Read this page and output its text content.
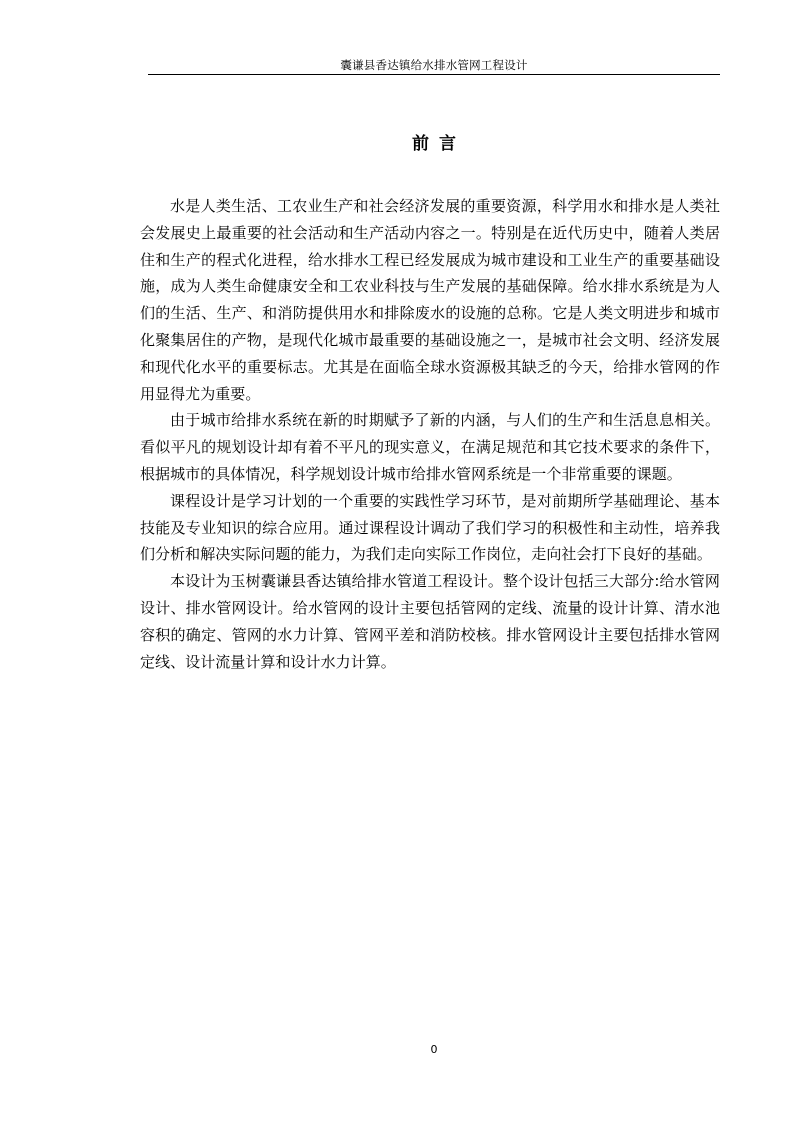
囊谦县香达镇给水排水管网工程设计
前言

水是人类生活、工农业生产和社会经济发展的重要资源，科学用水和排水是人类社会发展史上最重要的社会活动和生产活动内容之一。特别是在近代历史中，随着人类居住和生产的程式化进程，给水排水工程已经发展成为城市建设和工业生产的重要基础设施，成为人类生命健康安全和工农业科技与生产发展的基础保障。给水排水系统是为人们的生活、生产、和消防提供用水和排除废水的设施的总称。它是人类文明进步和城市化聚集居住的产物，是现代化城市最重要的基础设施之一，是城市社会文明、经济发展和现代化水平的重要标志。尤其是在面临全球水资源极其缺乏的今天，给排水管网的作用显得尤为重要。

由于城市给排水系统在新的时期赋予了新的内涵，与人们的生产和生活息息相关。看似平凡的规划设计却有着不平凡的现实意义，在满足规范和其它技术要求的条件下，根据城市的具体情况，科学规划设计城市给排水管网系统是一个非常重要的课题。

课程设计是学习计划的一个重要的实践性学习环节，是对前期所学基础理论、基本技能及专业知识的综合应用。通过课程设计调动了我们学习的积极性和主动性，培养我们分析和解决实际问题的能力，为我们走向实际工作岗位，走向社会打下良好的基础。

本设计为玉树囊谦县香达镇给排水管道工程设计。整个设计包括三大部分:给水管网设计、排水管网设计。给水管网的设计主要包括管网的定线、流量的设计计算、清水池容积的确定、管网的水力计算、管网平差和消防校核。排水管网设计主要包括排水管网定线、设计流量计算和设计水力计算。

0
